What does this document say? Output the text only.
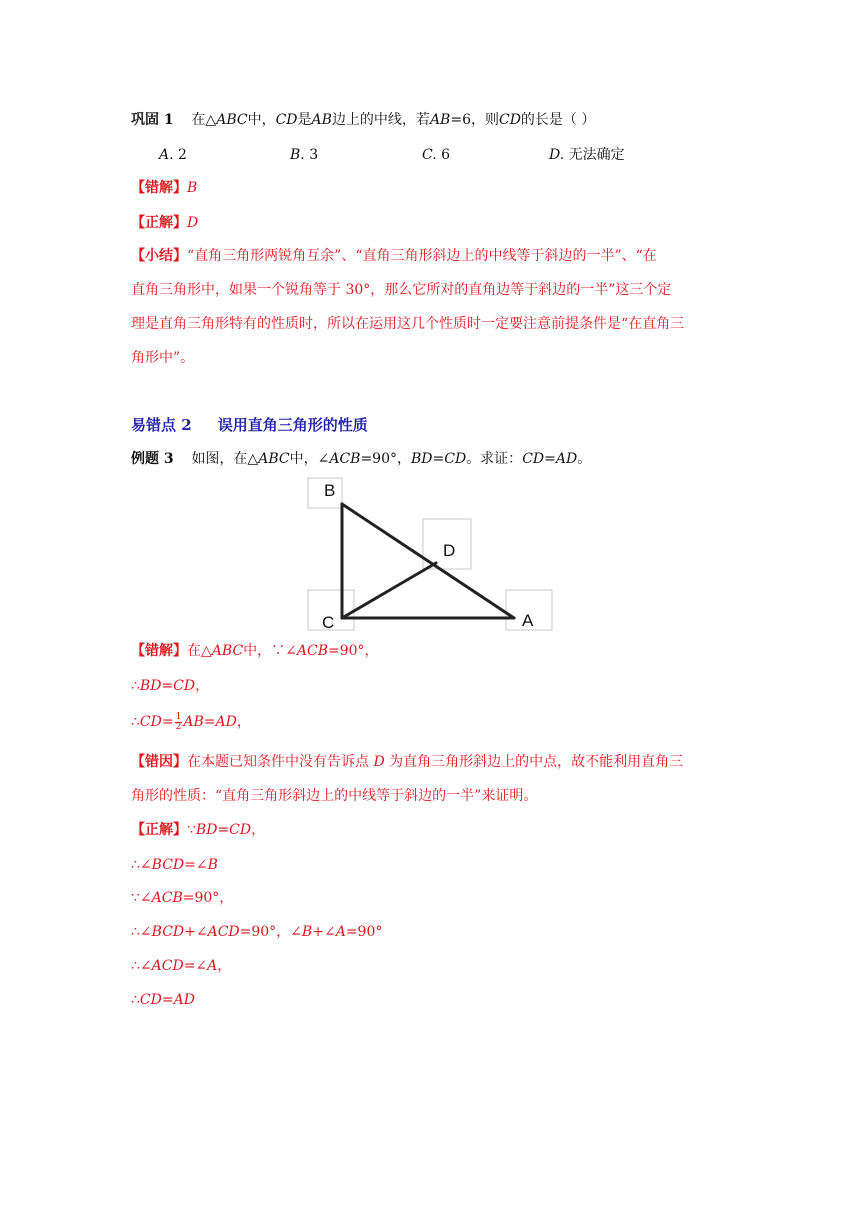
巩固 1 在△ABC中，CD是AB边上的中线，若AB=6，则CD的长是（ ）
A. 2	B. 3	C. 6	D. 无法确定
【错解】B
【正解】D
【小结】“直角三角形两锐角互余”、“直角三角形斜边上的中线等于斜边的一半”、“在
直角三角形中，如果一个锐角等于 30°，那么它所对的直角边等于斜边的一半”这三个定
理是直角三角形特有的性质时，所以在运用这几个性质时一定要注意前提条件是“在直角三
角形中”。
易错点 2 误用直角三角形的性质
例题 3 如图，在△ABC中，∠ACB=90°，BD=CD。求证：CD=AD。
B
D
C	A
【错解】在△ABC中，∵∠ACB=90°，
∴BD=CD，
∴CD= $\frac{1}{2} AB=AD$，
【错因】在本题已知条件中没有告诉点 D 为直角三角形斜边上的中点，故不能利用直角三
角形的性质：“直角三角形斜边上的中线等于斜边的一半”来证明。
【正解】∵BD=CD，
∴∠BCD=∠B
∵∠ACB=90°，
∴∠BCD+∠ACD=90°，∠B+∠A=90°
∴∠ACD=∠A，
∴CD=AD
